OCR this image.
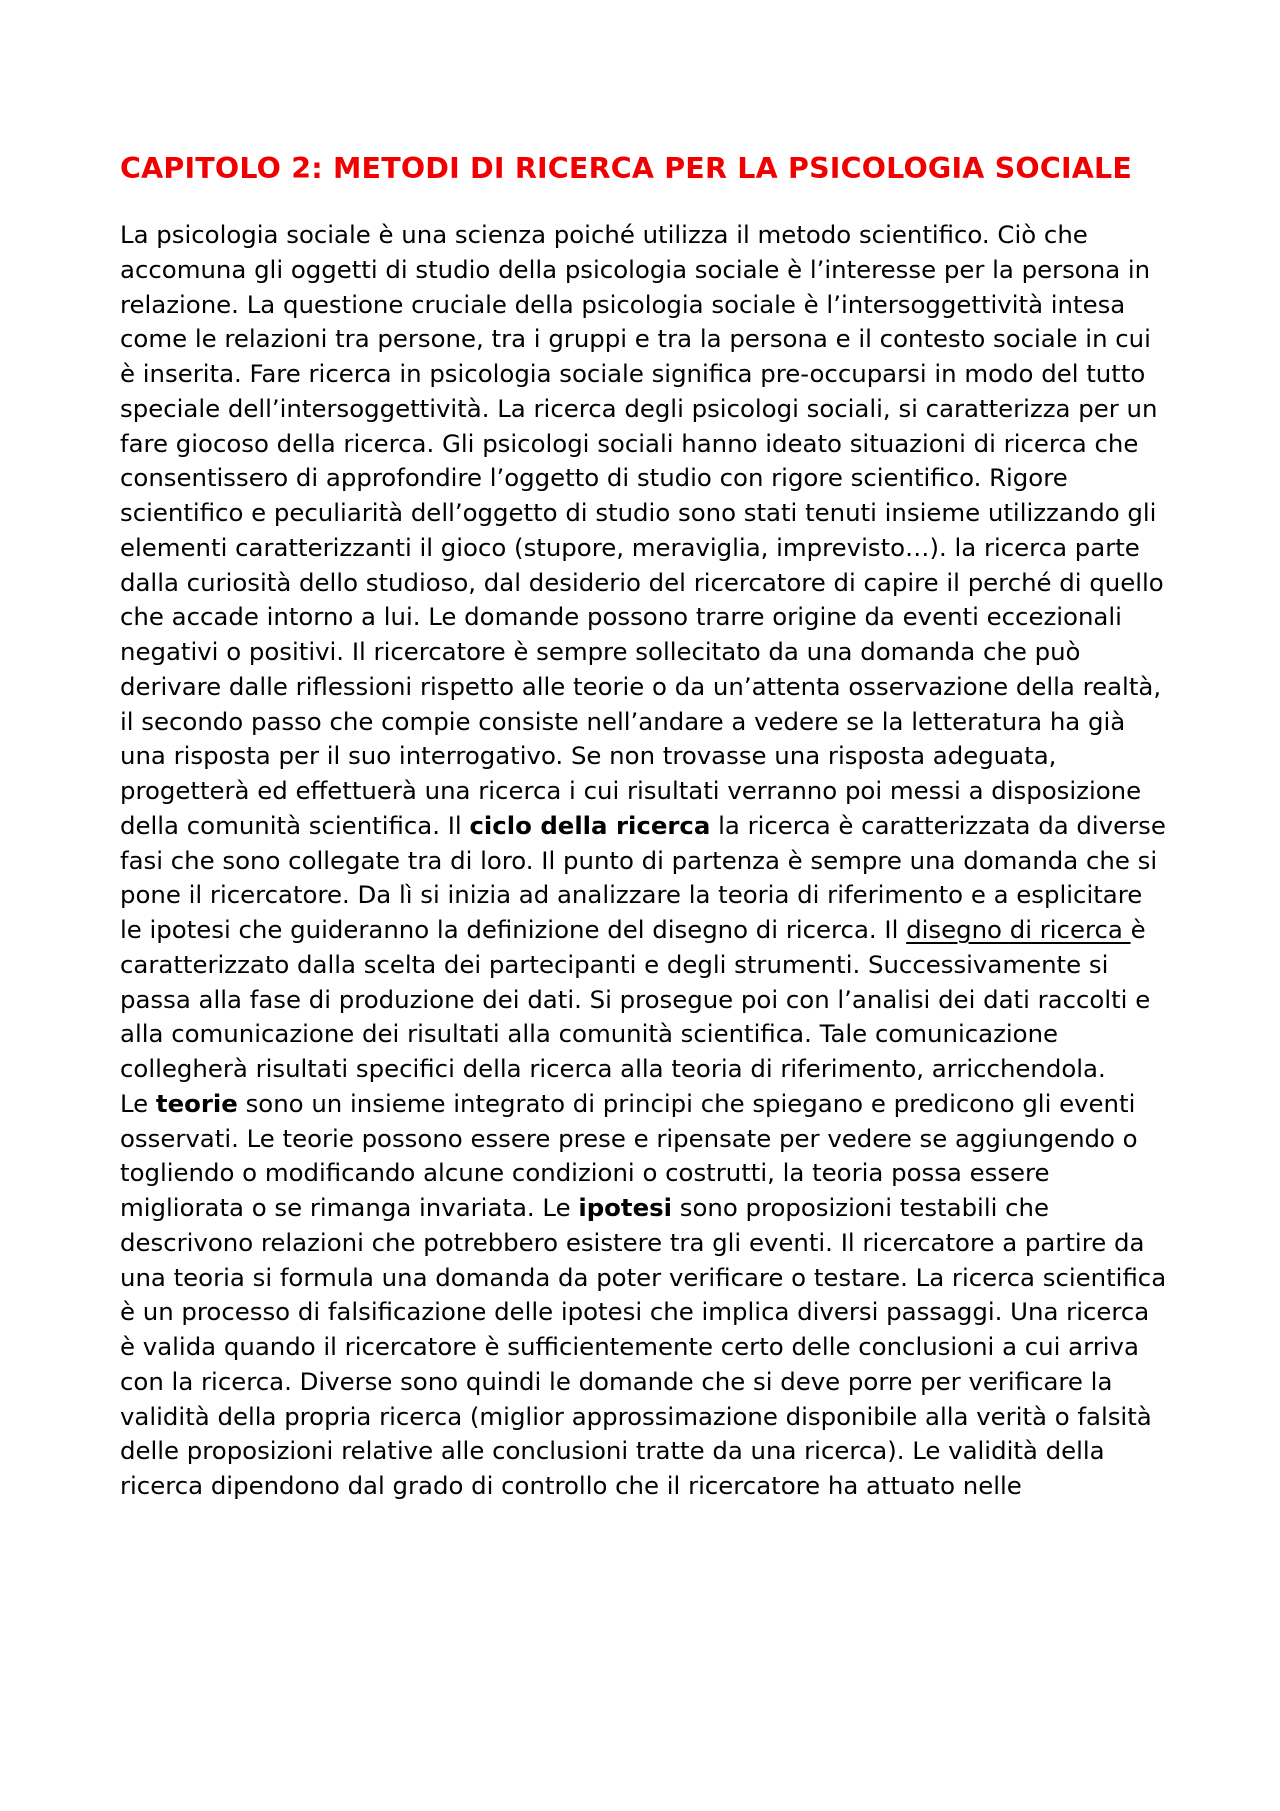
CAPITOLO 2: METODI DI RICERCA PER LA PSICOLOGIA SOCIALE

La psicologia sociale è una scienza poiché utilizza il metodo scientifico. Ciò che accomuna gli oggetti di studio della psicologia sociale è l’interesse per la persona in relazione. La questione cruciale della psicologia sociale è l’intersoggettività intesa come le relazioni tra persone, tra i gruppi e tra la persona e il contesto sociale in cui è inserita. Fare ricerca in psicologia sociale significa pre-occuparsi in modo del tutto speciale dell’intersoggettività. La ricerca degli psicologi sociali, si caratterizza per un fare giocoso della ricerca. Gli psicologi sociali hanno ideato situazioni di ricerca che consentissero di approfondire l’oggetto di studio con rigore scientifico. Rigore scientifico e peculiarità dell’oggetto di studio sono stati tenuti insieme utilizzando gli elementi caratterizzanti il gioco (stupore, meraviglia, imprevisto…). la ricerca parte dalla curiosità dello studioso, dal desiderio del ricercatore di capire il perché di quello che accade intorno a lui. Le domande possono trarre origine da eventi eccezionali negativi o positivi. Il ricercatore è sempre sollecitato da una domanda che può derivare dalle riflessioni rispetto alle teorie o da un’attenta osservazione della realtà, il secondo passo che compie consiste nell’andare a vedere se la letteratura ha già una risposta per il suo interrogativo. Se non trovasse una risposta adeguata, progetterà ed effettuerà una ricerca i cui risultati verranno poi messi a disposizione della comunità scientifica. Il ciclo della ricerca la ricerca è caratterizzata da diverse fasi che sono collegate tra di loro. Il punto di partenza è sempre una domanda che si pone il ricercatore. Da lì si inizia ad analizzare la teoria di riferimento e a esplicitare le ipotesi che guideranno la definizione del disegno di ricerca. Il disegno di ricerca è caratterizzato dalla scelta dei partecipanti e degli strumenti. Successivamente si passa alla fase di produzione dei dati. Si prosegue poi con l’analisi dei dati raccolti e alla comunicazione dei risultati alla comunità scientifica. Tale comunicazione collegherà risultati specifici della ricerca alla teoria di riferimento, arricchendola.

Le teorie sono un insieme integrato di principi che spiegano e predicono gli eventi osservati. Le teorie possono essere prese e ripensate per vedere se aggiungendo o togliendo o modificando alcune condizioni o costrutti, la teoria possa essere migliorata o se rimanga invariata. Le ipotesi sono proposizioni testabili che descrivono relazioni che potrebbero esistere tra gli eventi. Il ricercatore a partire da una teoria si formula una domanda da poter verificare o testare. La ricerca scientifica è un processo di falsificazione delle ipotesi che implica diversi passaggi. Una ricerca è valida quando il ricercatore è sufficientemente certo delle conclusioni a cui arriva con la ricerca. Diverse sono quindi le domande che si deve porre per verificare la validità della propria ricerca (miglior approssimazione disponibile alla verità o falsità delle proposizioni relative alle conclusioni tratte da una ricerca). Le validità della ricerca dipendono dal grado di controllo che il ricercatore ha attuato nelle
